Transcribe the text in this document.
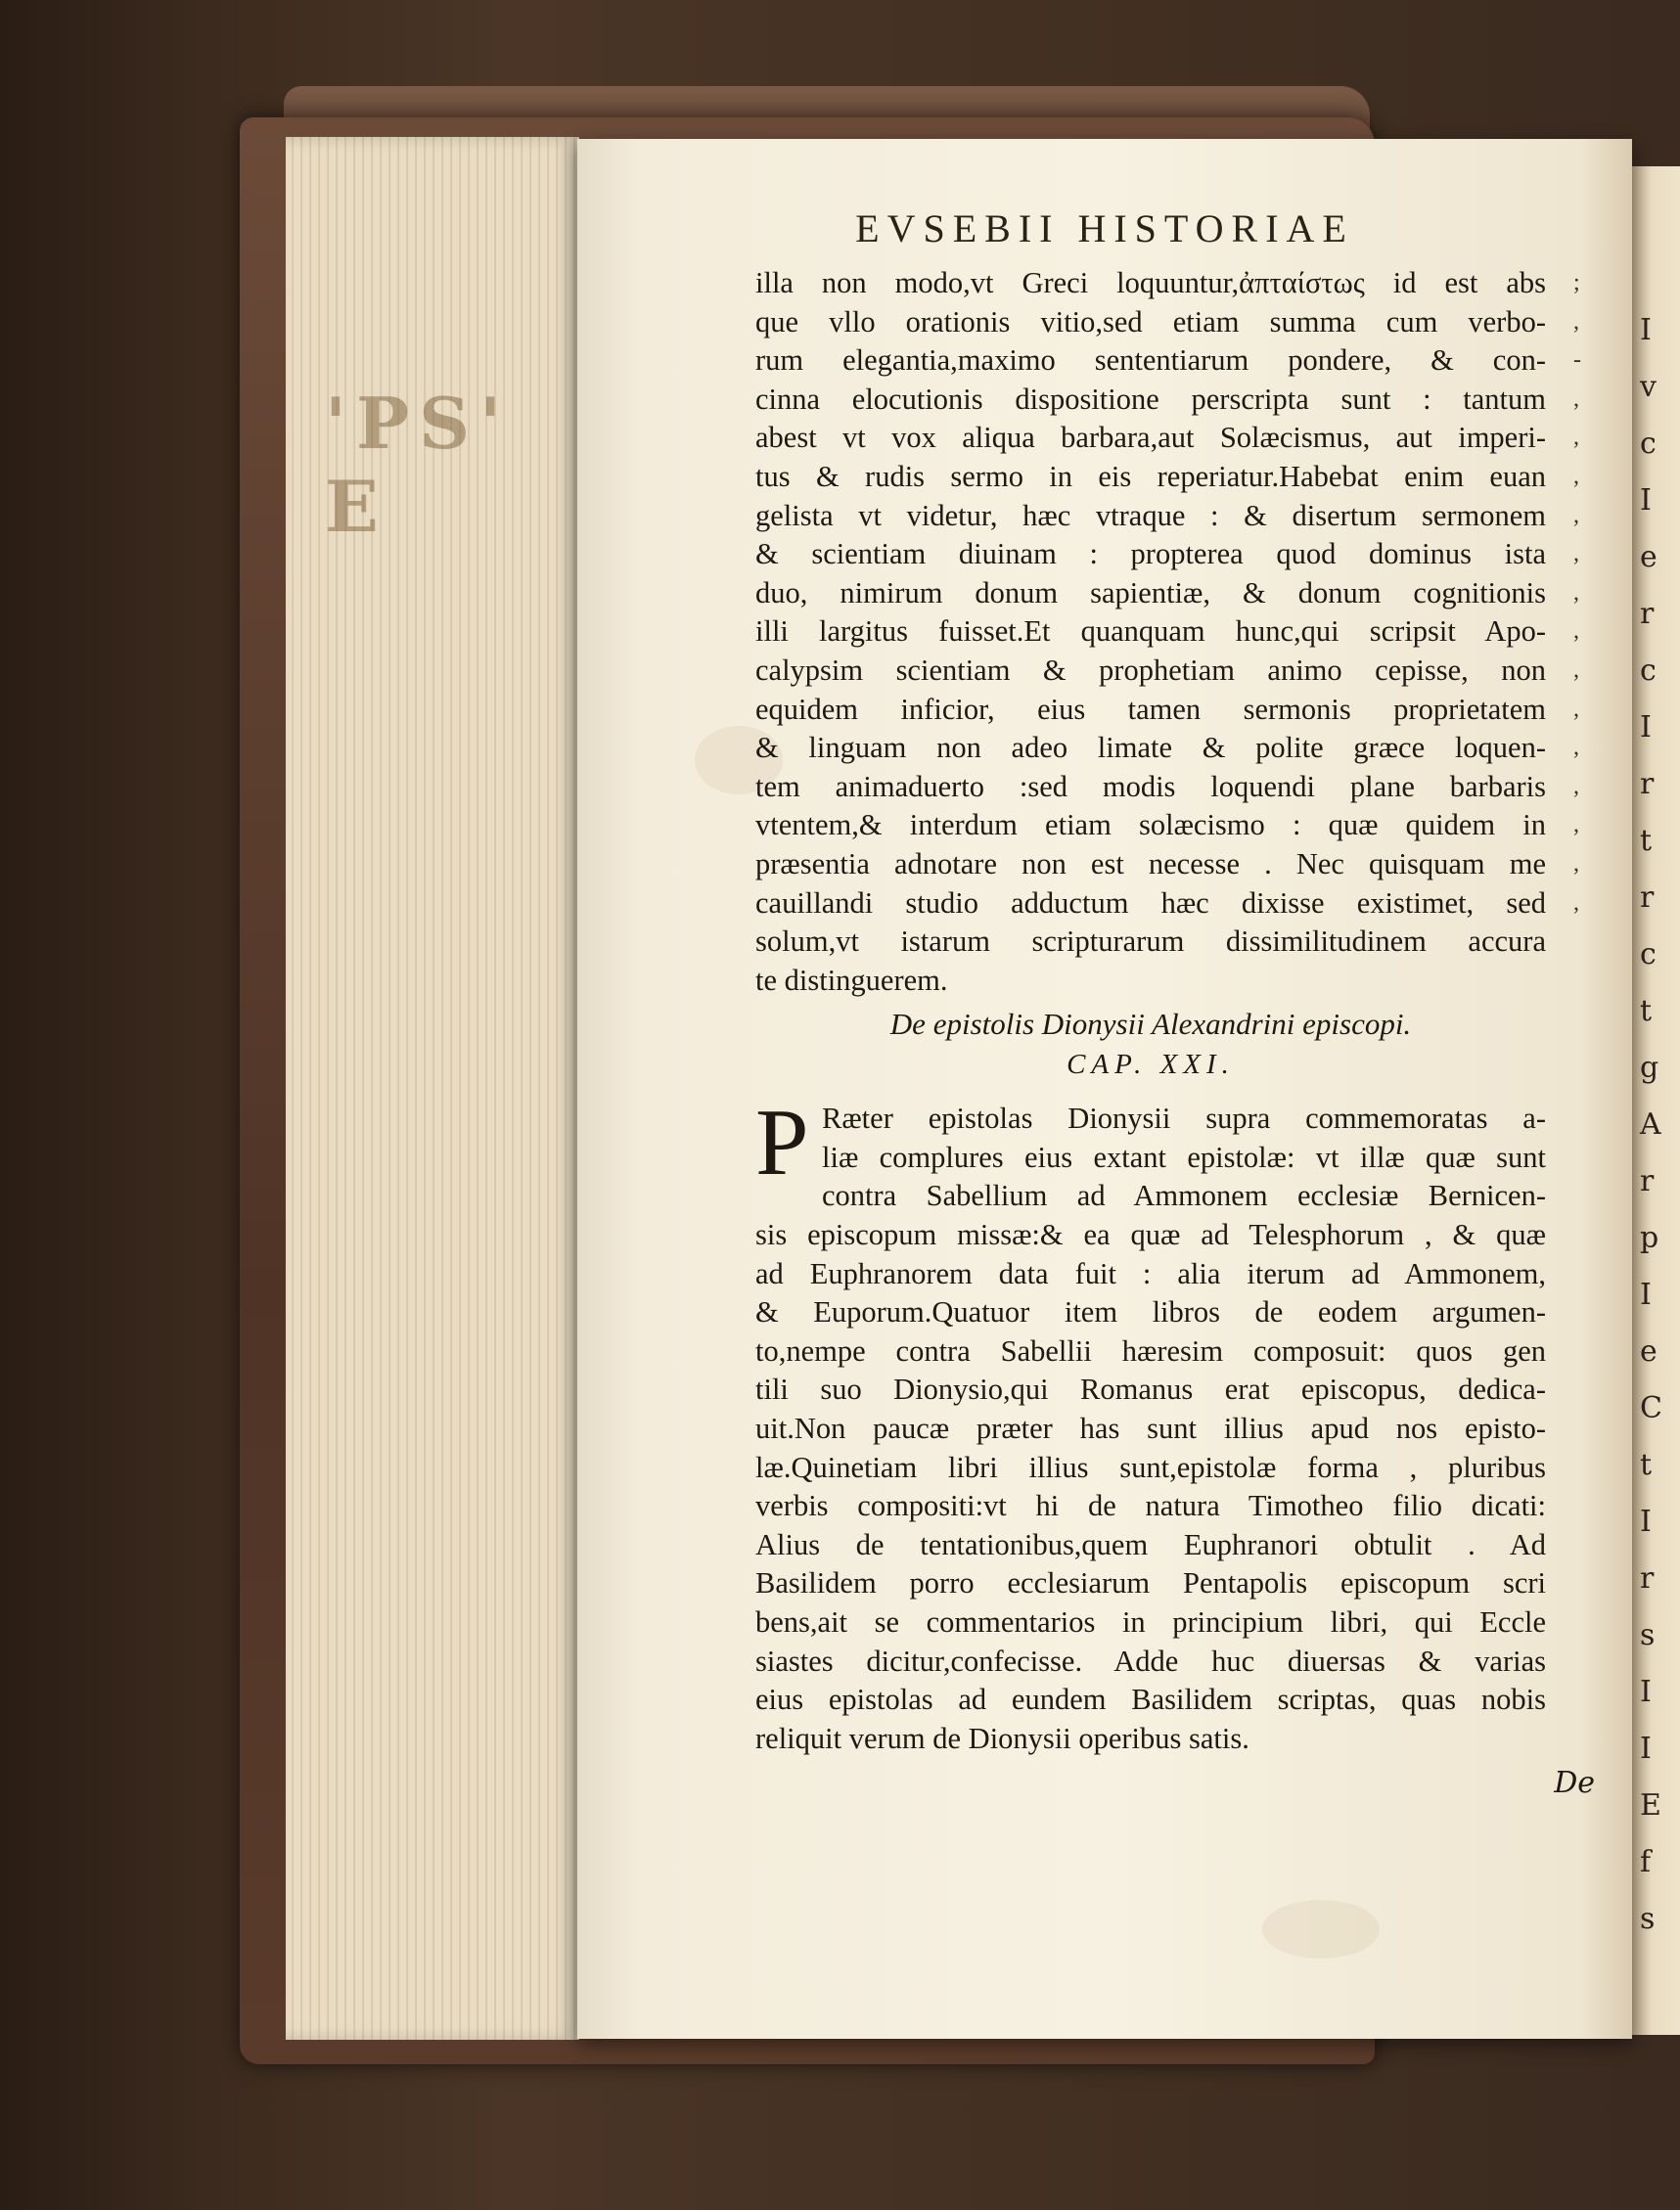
'PS' E
I
v
c
I
e
r
c
I
r
t
r
c
t
g
A
r
p
I
e
C
t
I
r
s
I
I
E
f
s
EVSEBII HISTORIAE
illa non modo,vt Greci loquuntur,ἀπταίστως id est abs
que vllo orationis vitio,sed etiam summa cum verbo-
rum elegantia,maximo sententiarum pondere, & con-
cinna elocutionis dispositione perscripta sunt : tantum
abest vt vox aliqua barbara,aut Solæcismus, aut imperi-
tus & rudis sermo in eis reperiatur.Habebat enim euan
gelista vt videtur, hæc vtraque : & disertum sermonem
& scientiam diuinam : propterea quod dominus ista
duo, nimirum donum sapientiæ, & donum cognitionis
illi largitus fuisset.Et quanquam hunc,qui scripsit Apo-
calypsim scientiam & prophetiam animo cepisse, non
equidem inficior, eius tamen sermonis proprietatem
& linguam non adeo limate & polite græce loquen-
tem animaduerto :sed modis loquendi plane barbaris
vtentem,& interdum etiam solæcismo : quæ quidem in
præsentia adnotare non est necesse . Nec quisquam me
cauillandi studio adductum hæc dixisse existimet, sed
solum,vt istarum scripturarum dissimilitudinem accura
te distinguerem.
De epistolis Dionysii Alexandrini episcopi.
CAP. XXI.
P Ræter epistolas Dionysii supra commemoratas a-
liæ complures eius extant epistolæ: vt illæ quæ sunt
contra Sabellium ad Ammonem ecclesiæ Bernicen-
sis episcopum missæ:& ea quæ ad Telesphorum , & quæ
ad Euphranorem data fuit : alia iterum ad Ammonem,
& Euporum.Quatuor item libros de eodem argumen-
to,nempe contra Sabellii hæresim composuit: quos gen
tili suo Dionysio,qui Romanus erat episcopus, dedica-
uit.Non paucæ præter has sunt illius apud nos episto-
læ.Quinetiam libri illius sunt,epistolæ forma , pluribus
verbis compositi:vt hi de natura Timotheo filio dicati:
Alius de tentationibus,quem Euphranori obtulit . Ad
Basilidem porro ecclesiarum Pentapolis episcopum scri
bens,ait se commentarios in principium libri, qui Eccle
siastes dicitur,confecisse. Adde huc diuersas & varias
eius epistolas ad eundem Basilidem scriptas, quas nobis
reliquit verum de Dionysii operibus satis.
;
,
-
,
,
,
,
,
,
,
,
,
,
,
,
,
,
De
